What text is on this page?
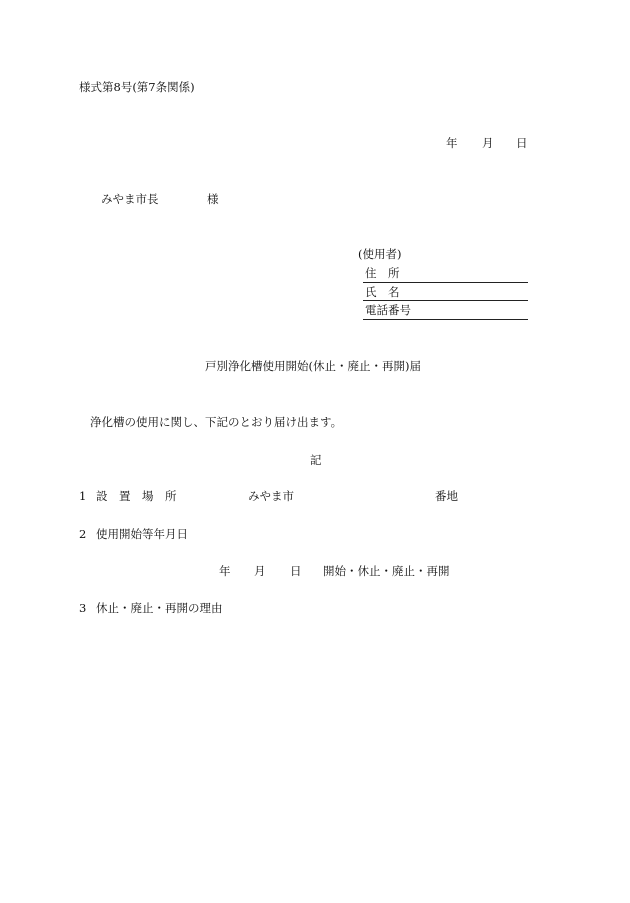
様式第8号(第7条関係)
年 月 日
みやま市長	様
(使用者)
住　所
氏　名
電話番号
戸別浄化槽使用開始(休止・廃止・再開)届
浄化槽の使用に関し、下記のとおり届け出ます。
記
1 設　置　場　所	みやま市	番地
2 使用開始等年月日
年 月 日 開始・休止・廃止・再開
3 休止・廃止・再開の理由
